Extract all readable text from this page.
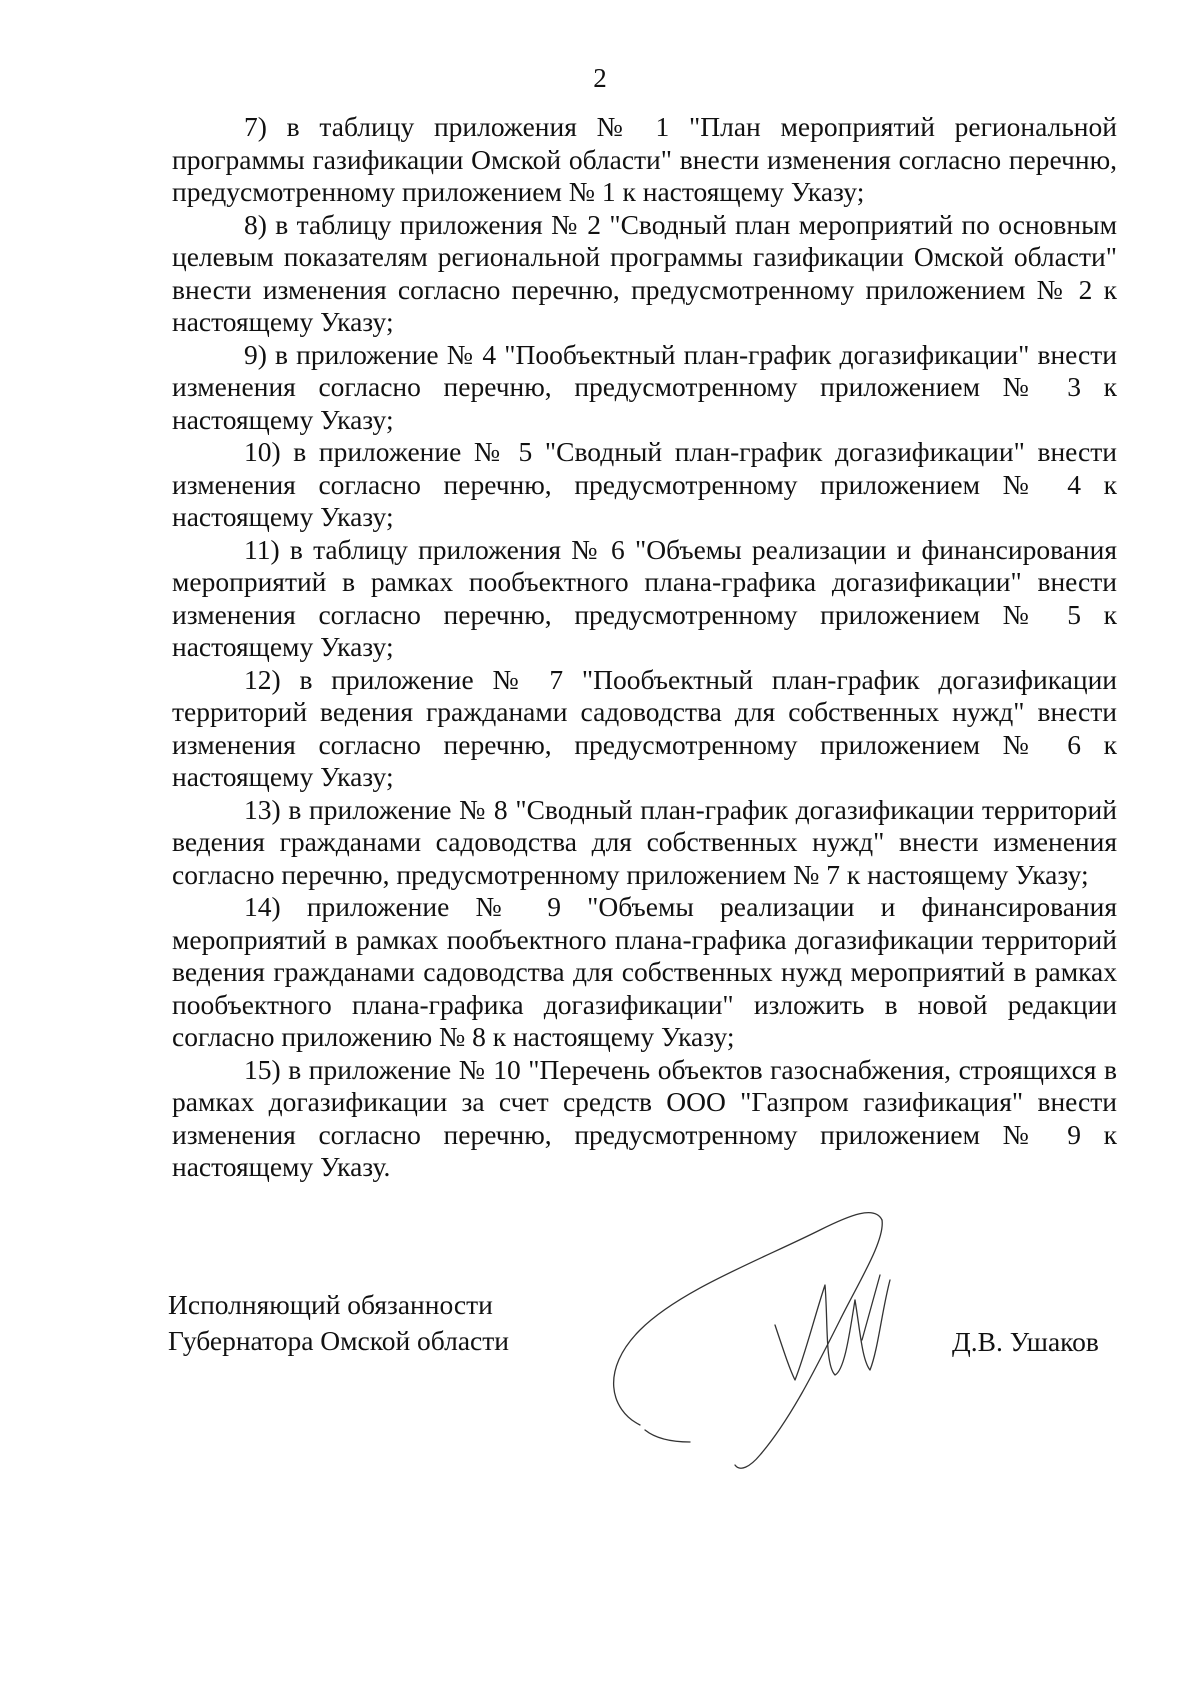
2

7) в таблицу приложения № 1 "План мероприятий региональной программы газификации Омской области" внести изменения согласно перечню, предусмотренному приложением № 1 к настоящему Указу;

8) в таблицу приложения № 2 "Сводный план мероприятий по основным целевым показателям региональной программы газификации Омской области" внести изменения согласно перечню, предусмотренному приложением № 2 к настоящему Указу;

9) в приложение № 4 "Пообъектный план-график догазификации" внести изменения согласно перечню, предусмотренному приложением № 3 к настоящему Указу;

10) в приложение № 5 "Сводный план-график догазификации" внести изменения согласно перечню, предусмотренному приложением № 4 к настоящему Указу;

11) в таблицу приложения № 6 "Объемы реализации и финансирования мероприятий в рамках пообъектного плана-графика догазификации" внести изменения согласно перечню, предусмотренному приложением № 5 к настоящему Указу;

12) в приложение № 7 "Пообъектный план-график догазификации территорий ведения гражданами садоводства для собственных нужд" внести изменения согласно перечню, предусмотренному приложением № 6 к настоящему Указу;

13) в приложение № 8 "Сводный план-график догазификации территорий ведения гражданами садоводства для собственных нужд" внести изменения согласно перечню, предусмотренному приложением № 7 к настоящему Указу;

14) приложение № 9 "Объемы реализации и финансирования мероприятий в рамках пообъектного плана-графика догазификации территорий ведения гражданами садоводства для собственных нужд мероприятий в рамках пообъектного плана-графика догазификации" изложить в новой редакции согласно приложению № 8 к настоящему Указу;

15) в приложение № 10 "Перечень объектов газоснабжения, строящихся в рамках догазификации за счет средств ООО "Газпром газификация" внести изменения согласно перечню, предусмотренному приложением № 9 к настоящему Указу.

Исполняющий обязанности
Губернатора Омской области	Д.В. Ушаков
